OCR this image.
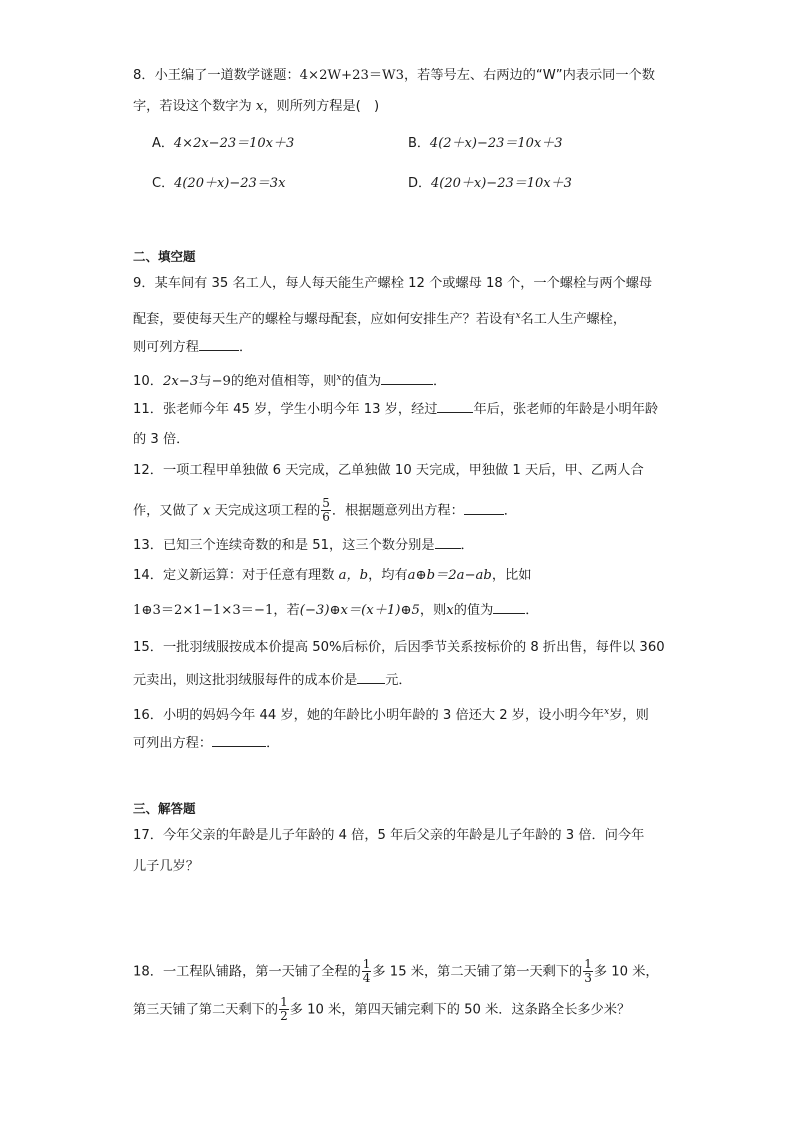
8．小王编了一道数学谜题：4×2W+23＝W3，若等号左、右两边的“W”内表示同一个数
字，若设这个数字为 x，则所列方程是(　)
A．4×2x−23＝10x＋3	B．4(2＋x)−23＝10x＋3
C．4(20＋x)−23＝3x	D．4(20＋x)−23＝10x＋3
二、填空题
9．某车间有 35 名工人，每人每天能生产螺栓 12 个或螺母 18 个，一个螺栓与两个螺母
配套，要使每天生产的螺栓与螺母配套，应如何安排生产？若设有$^x$名工人生产螺栓，
则可列方程	．
10．2x−3与−9的绝对值相等，则$^x$的值为	．
11．张老师今年 45 岁，学生小明今年 13 岁，经过	年后，张老师的年龄是小明年龄
的 3 倍．
12．一项工程甲单独做 6 天完成，乙单独做 10 天完成，甲独做 1 天后，甲、乙两人合
作，又做了 x 天完成这项工程的 $\frac{5}{6}$ ．根据题意列出方程：	．
13．已知三个连续奇数的和是 51，这三个数分别是 ．
14．定义新运算：对于任意有理数 a，b，均有a⊕b＝2a−ab，比如
1⊕3＝2×1−1×3＝−1，若(−3)⊕x＝(x＋1)⊕5，则x的值为 ．
15．一批羽绒服按成本价提高 50%后标价，后因季节关系按标价的 8 折出售，每件以 360
元卖出，则这批羽绒服每件的成本价是 元．
16．小明的妈妈今年 44 岁，她的年龄比小明年龄的 3 倍还大 2 岁，设小明今年$^x$岁，则
可列出方程：	．
三、解答题
17．今年父亲的年龄是儿子年龄的 4 倍，5 年后父亲的年龄是儿子年龄的 3 倍．问今年
儿子几岁？
18．一工程队铺路，第一天铺了全程的 $\frac{1}{4}$ 多 15 米，第二天铺了第一天剩下的 $\frac{1}{3}$ 多 10 米，
第三天铺了第二天剩下的 $\frac{1}{2}$ 多 10 米，第四天铺完剩下的 50 米．这条路全长多少米？
